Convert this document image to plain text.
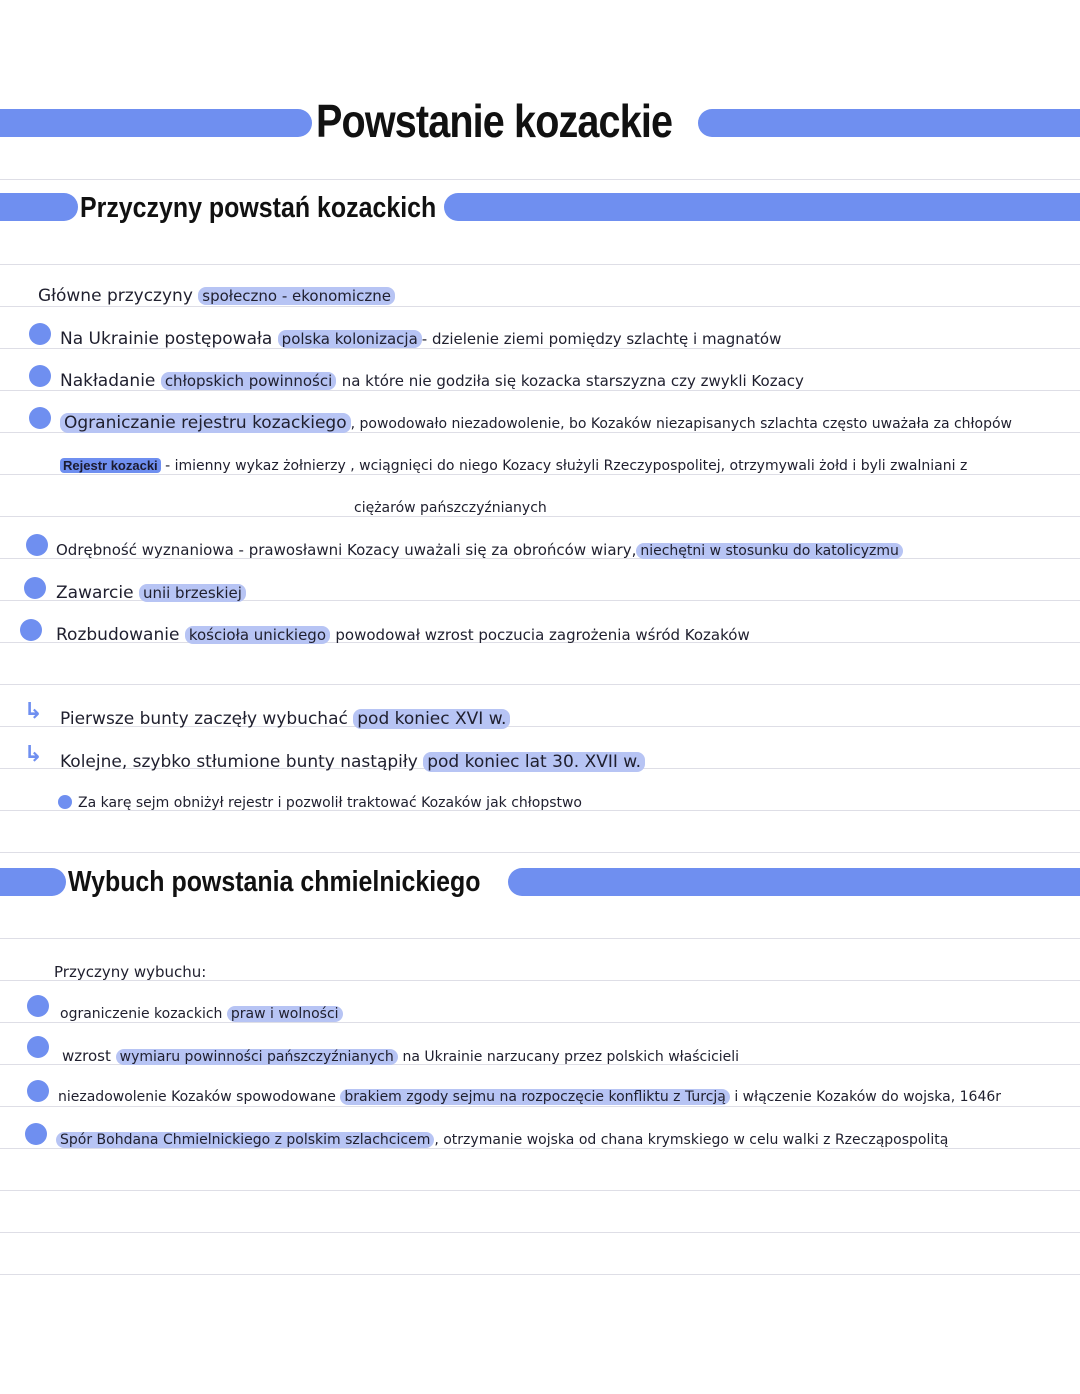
Powstanie kozackie
Przyczyny powstań kozackich
Główne przyczyny społeczno - ekonomiczne
Na Ukrainie postępowała polska kolonizacja - dzielenie ziemi pomiędzy szlachtę i magnatów
Nakładanie chłopskich powinności na które nie godziła się kozacka starszyzna czy zwykli Kozacy
Ograniczanie rejestru kozackiego , powodowało niezadowolenie, bo Kozaków niezapisanych szlachta często uważała za chłopów
Rejestr kozacki - imienny wykaz żołnierzy , wciągnięci do niego Kozacy służyli Rzeczypospolitej, otrzymywali żołd i byli zwalniani z
ciężarów pańszczyźnianych
Odrębność wyznaniowa - prawosławni Kozacy uważali się za obrońców wiary, niechętni w stosunku do katolicyzmu
Zawarcie unii brzeskiej
Rozbudowanie kościoła unickiego powodował wzrost poczucia zagrożenia wśród Kozaków
↳ Pierwsze bunty zaczęły wybuchać pod koniec XVI w.
↳ Kolejne, szybko stłumione bunty nastąpiły pod koniec lat 30. XVII w.
Za karę sejm obniżył rejestr i pozwolił traktować Kozaków jak chłopstwo
Wybuch powstania chmielnickiego
Przyczyny wybuchu:
ograniczenie kozackich praw i wolności
wzrost wymiaru powinności pańszczyźnianych na Ukrainie narzucany przez polskich właścicieli
niezadowolenie Kozaków spowodowane brakiem zgody sejmu na rozpoczęcie konfliktu z Turcją i włączenie Kozaków do wojska, 1646r
Spór Bohdana Chmielnickiego z polskim szlachcicem , otrzymanie wojska od chana krymskiego w celu walki z Rzecząpospolitą
